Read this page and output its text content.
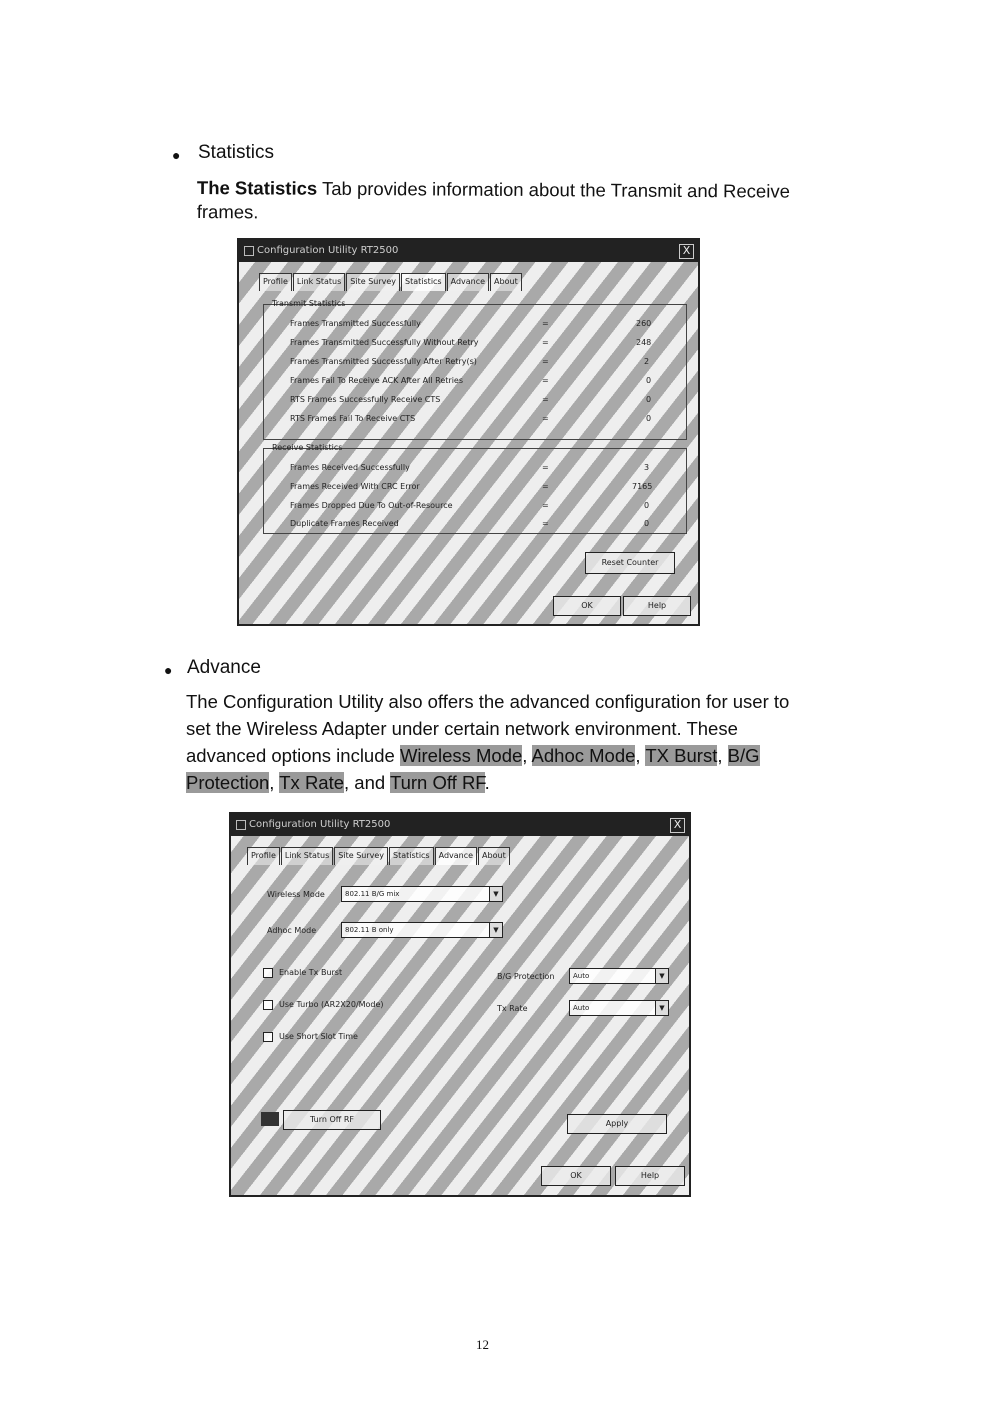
● Statistics
The Statistics Tab provides information about the Transmit and Receive
frames.
Configuration Utility RT2500	X
Profile	Link Status	Site Survey	Statistics	Advance	About
Transmit Statistics
Frames Transmitted Successfully	=	260
Frames Transmitted Successfully Without Retry	=	248
Frames Transmitted Successfully After Retry(s)	=	2
Frames Fail To Receive ACK After All Retries	=	0
RTS Frames Successfully Receive CTS	=	0
RTS Frames Fail To Receive CTS	=	0
Receive Statistics
Frames Received Successfully	=	3
Frames Received With CRC Error	=	7165
Frames Dropped Due To Out-of-Resource	=	0
Duplicate Frames Received	=	0
Reset Counter
OK	Help
● Advance
The Configuration Utility also offers the advanced configuration for user to
set the Wireless Adapter under certain network environment. These
advanced options include Wireless Mode, Adhoc Mode, TX Burst, B/G
Protection, Tx Rate, and Turn Off RF.
Configuration Utility RT2500	X
Profile	Link Status	Site Survey	Statistics	Advance	About
Wireless Mode	802.11 B/G mix	▼
Adhoc Mode	802.11 B only	▼
Enable Tx Burst
Use Turbo (AR2X20/Mode)
Use Short Slot Time
B/G Protection	Auto	▼
Tx Rate	Auto	▼
Turn Off RF	Apply
OK	Help
12
